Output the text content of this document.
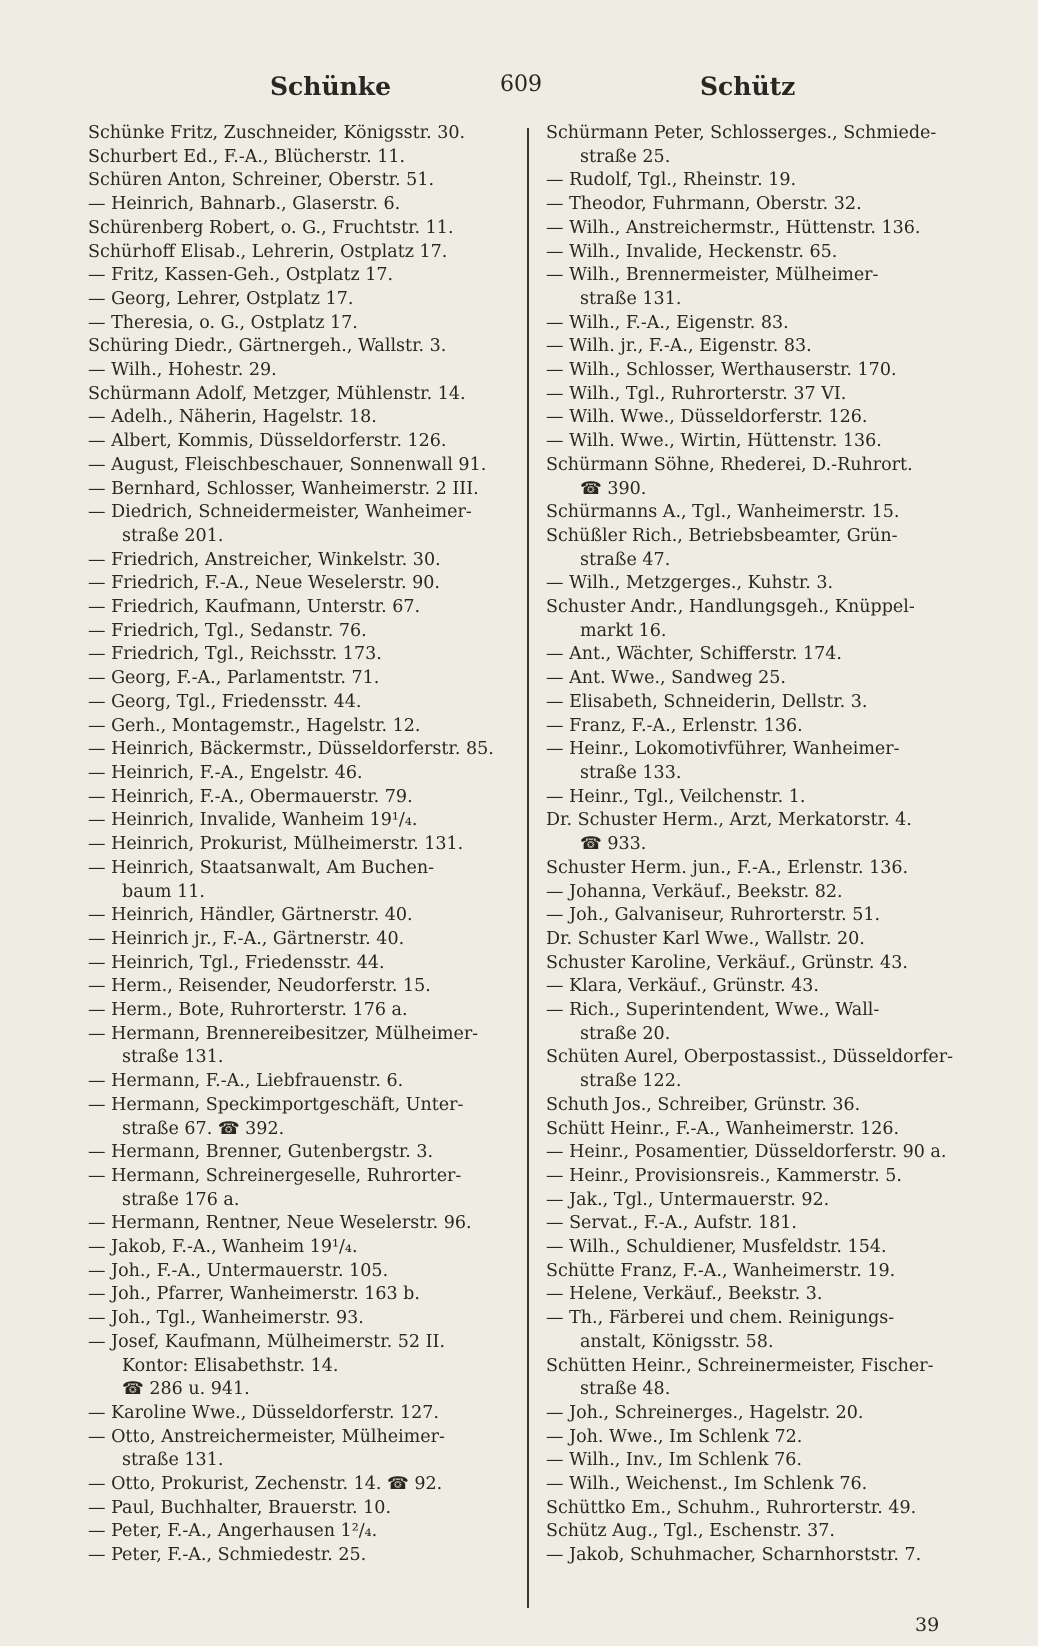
Schünke	609	Schütz
Schünke Fritz, Zuschneider, Königsstr. 30.
Schurbert Ed., F.-A., Blücherstr. 11.
Schüren Anton, Schreiner, Oberstr. 51.
— Heinrich, Bahnarb., Glaserstr. 6.
Schürenberg Robert, o. G., Fruchtstr. 11.
Schürhoff Elisab., Lehrerin, Ostplatz 17.
— Fritz, Kassen-Geh., Ostplatz 17.
— Georg, Lehrer, Ostplatz 17.
— Theresia, o. G., Ostplatz 17.
Schüring Diedr., Gärtnergeh., Wallstr. 3.
— Wilh., Hohestr. 29.
Schürmann Adolf, Metzger, Mühlenstr. 14.
— Adelh., Näherin, Hagelstr. 18.
— Albert, Kommis, Düsseldorferstr. 126.
— August, Fleischbeschauer, Sonnenwall 91.
— Bernhard, Schlosser, Wanheimerstr. 2 III.
— Diedrich, Schneidermeister, Wanheimer-
straße 201.
— Friedrich, Anstreicher, Winkelstr. 30.
— Friedrich, F.-A., Neue Weselerstr. 90.
— Friedrich, Kaufmann, Unterstr. 67.
— Friedrich, Tgl., Sedanstr. 76.
— Friedrich, Tgl., Reichsstr. 173.
— Georg, F.-A., Parlamentstr. 71.
— Georg, Tgl., Friedensstr. 44.
— Gerh., Montagemstr., Hagelstr. 12.
— Heinrich, Bäckermstr., Düsseldorferstr. 85.
— Heinrich, F.-A., Engelstr. 46.
— Heinrich, F.-A., Obermauerstr. 79.
— Heinrich, Invalide, Wanheim 19¹/₄.
— Heinrich, Prokurist, Mülheimerstr. 131.
— Heinrich, Staatsanwalt, Am Buchen-
baum 11.
— Heinrich, Händler, Gärtnerstr. 40.
— Heinrich jr., F.-A., Gärtnerstr. 40.
— Heinrich, Tgl., Friedensstr. 44.
— Herm., Reisender, Neudorferstr. 15.
— Herm., Bote, Ruhrorterstr. 176 a.
— Hermann, Brennereibesitzer, Mülheimer-
straße 131.
— Hermann, F.-A., Liebfrauenstr. 6.
— Hermann, Speckimportgeschäft, Unter-
straße 67. ☎ 392.
— Hermann, Brenner, Gutenbergstr. 3.
— Hermann, Schreinergeselle, Ruhrorter-
straße 176 a.
— Hermann, Rentner, Neue Weselerstr. 96.
— Jakob, F.-A., Wanheim 19¹/₄.
— Joh., F.-A., Untermauerstr. 105.
— Joh., Pfarrer, Wanheimerstr. 163 b.
— Joh., Tgl., Wanheimerstr. 93.
— Josef, Kaufmann, Mülheimerstr. 52 II.
Kontor: Elisabethstr. 14.
☎ 286 u. 941.
— Karoline Wwe., Düsseldorferstr. 127.
— Otto, Anstreichermeister, Mülheimer-
straße 131.
— Otto, Prokurist, Zechenstr. 14. ☎ 92.
— Paul, Buchhalter, Brauerstr. 10.
— Peter, F.-A., Angerhausen 1²/₄.
— Peter, F.-A., Schmiedestr. 25.
Schürmann Peter, Schlosserges., Schmiede-
straße 25.
— Rudolf, Tgl., Rheinstr. 19.
— Theodor, Fuhrmann, Oberstr. 32.
— Wilh., Anstreichermstr., Hüttenstr. 136.
— Wilh., Invalide, Heckenstr. 65.
— Wilh., Brennermeister, Mülheimer-
straße 131.
— Wilh., F.-A., Eigenstr. 83.
— Wilh. jr., F.-A., Eigenstr. 83.
— Wilh., Schlosser, Werthauserstr. 170.
— Wilh., Tgl., Ruhrorterstr. 37 VI.
— Wilh. Wwe., Düsseldorferstr. 126.
— Wilh. Wwe., Wirtin, Hüttenstr. 136.
Schürmann Söhne, Rhederei, D.-Ruhrort.
☎ 390.
Schürmanns A., Tgl., Wanheimerstr. 15.
Schüßler Rich., Betriebsbeamter, Grün-
straße 47.
— Wilh., Metzgerges., Kuhstr. 3.
Schuster Andr., Handlungsgeh., Knüppel-
markt 16.
— Ant., Wächter, Schifferstr. 174.
— Ant. Wwe., Sandweg 25.
— Elisabeth, Schneiderin, Dellstr. 3.
— Franz, F.-A., Erlenstr. 136.
— Heinr., Lokomotivführer, Wanheimer-
straße 133.
— Heinr., Tgl., Veilchenstr. 1.
Dr. Schuster Herm., Arzt, Merkatorstr. 4.
☎ 933.
Schuster Herm. jun., F.-A., Erlenstr. 136.
— Johanna, Verkäuf., Beekstr. 82.
— Joh., Galvaniseur, Ruhrorterstr. 51.
Dr. Schuster Karl Wwe., Wallstr. 20.
Schuster Karoline, Verkäuf., Grünstr. 43.
— Klara, Verkäuf., Grünstr. 43.
— Rich., Superintendent, Wwe., Wall-
straße 20.
Schüten Aurel, Oberpostassist., Düsseldorfer-
straße 122.
Schuth Jos., Schreiber, Grünstr. 36.
Schütt Heinr., F.-A., Wanheimerstr. 126.
— Heinr., Posamentier, Düsseldorferstr. 90 a.
— Heinr., Provisionsreis., Kammerstr. 5.
— Jak., Tgl., Untermauerstr. 92.
— Servat., F.-A., Aufstr. 181.
— Wilh., Schuldiener, Musfeldstr. 154.
Schütte Franz, F.-A., Wanheimerstr. 19.
— Helene, Verkäuf., Beekstr. 3.
— Th., Färberei und chem. Reinigungs-
anstalt, Königsstr. 58.
Schütten Heinr., Schreinermeister, Fischer-
straße 48.
— Joh., Schreinerges., Hagelstr. 20.
— Joh. Wwe., Im Schlenk 72.
— Wilh., Inv., Im Schlenk 76.
— Wilh., Weichenst., Im Schlenk 76.
Schüttko Em., Schuhm., Ruhrorterstr. 49.
Schütz Aug., Tgl., Eschenstr. 37.
— Jakob, Schuhmacher, Scharnhorststr. 7.
39
